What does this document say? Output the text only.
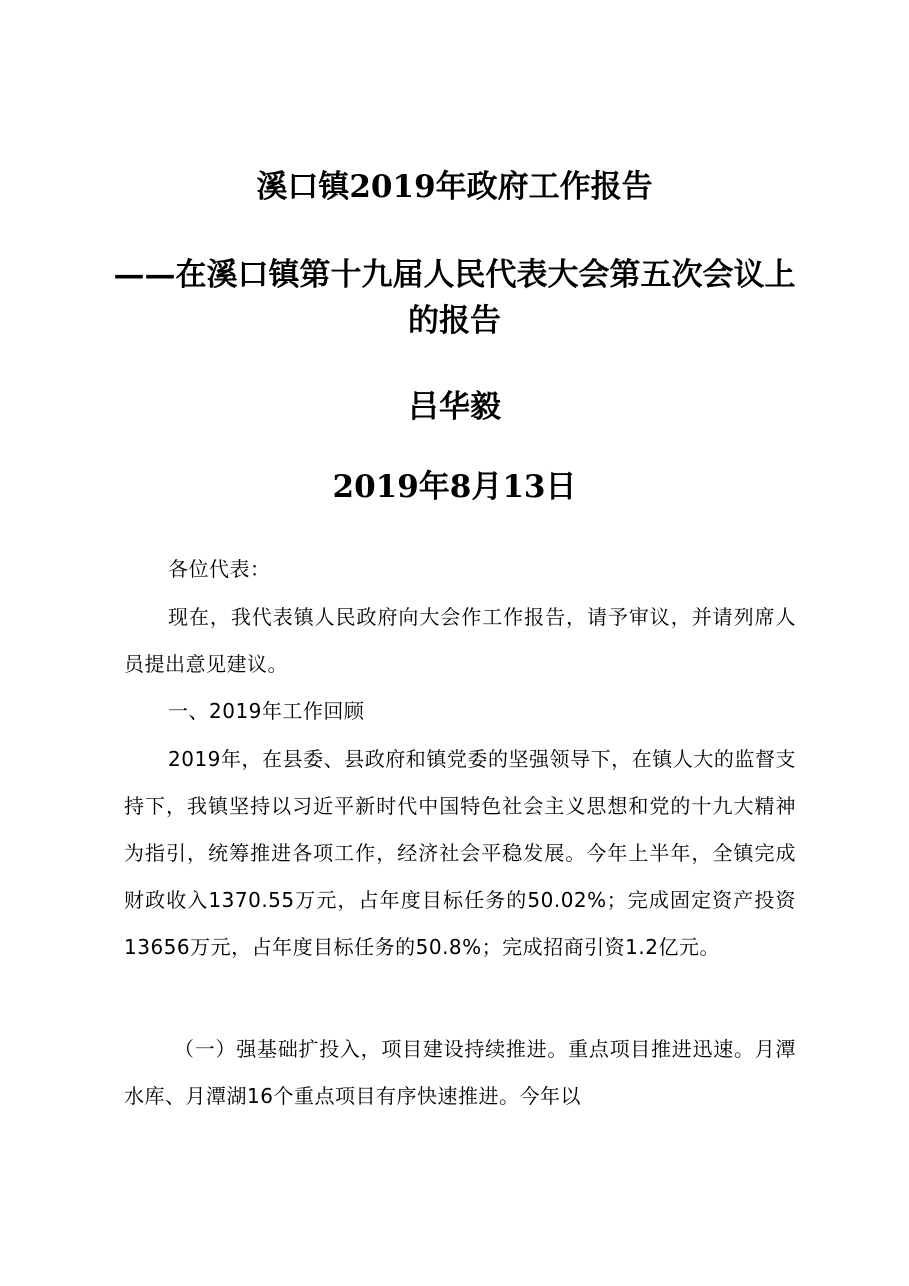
溪口镇2019年政府工作报告
——在溪口镇第十九届人民代表大会第五次会议上的报告
吕华毅
2019年8月13日

各位代表：

现在，我代表镇人民政府向大会作工作报告，请予审议，并请列席人员提出意见建议。

一、2019年工作回顾

2019年，在县委、县政府和镇党委的坚强领导下，在镇人大的监督支持下，我镇坚持以习近平新时代中国特色社会主义思想和党的十九大精神为指引，统筹推进各项工作，经济社会平稳发展。今年上半年，全镇完成财政收入1370.55万元，占年度目标任务的50.02%；完成固定资产投资13656万元，占年度目标任务的50.8%；完成招商引资1.2亿元。

（一）强基础扩投入，项目建设持续推进。重点项目推进迅速。月潭水库、月潭湖16个重点项目有序快速推进。今年以
